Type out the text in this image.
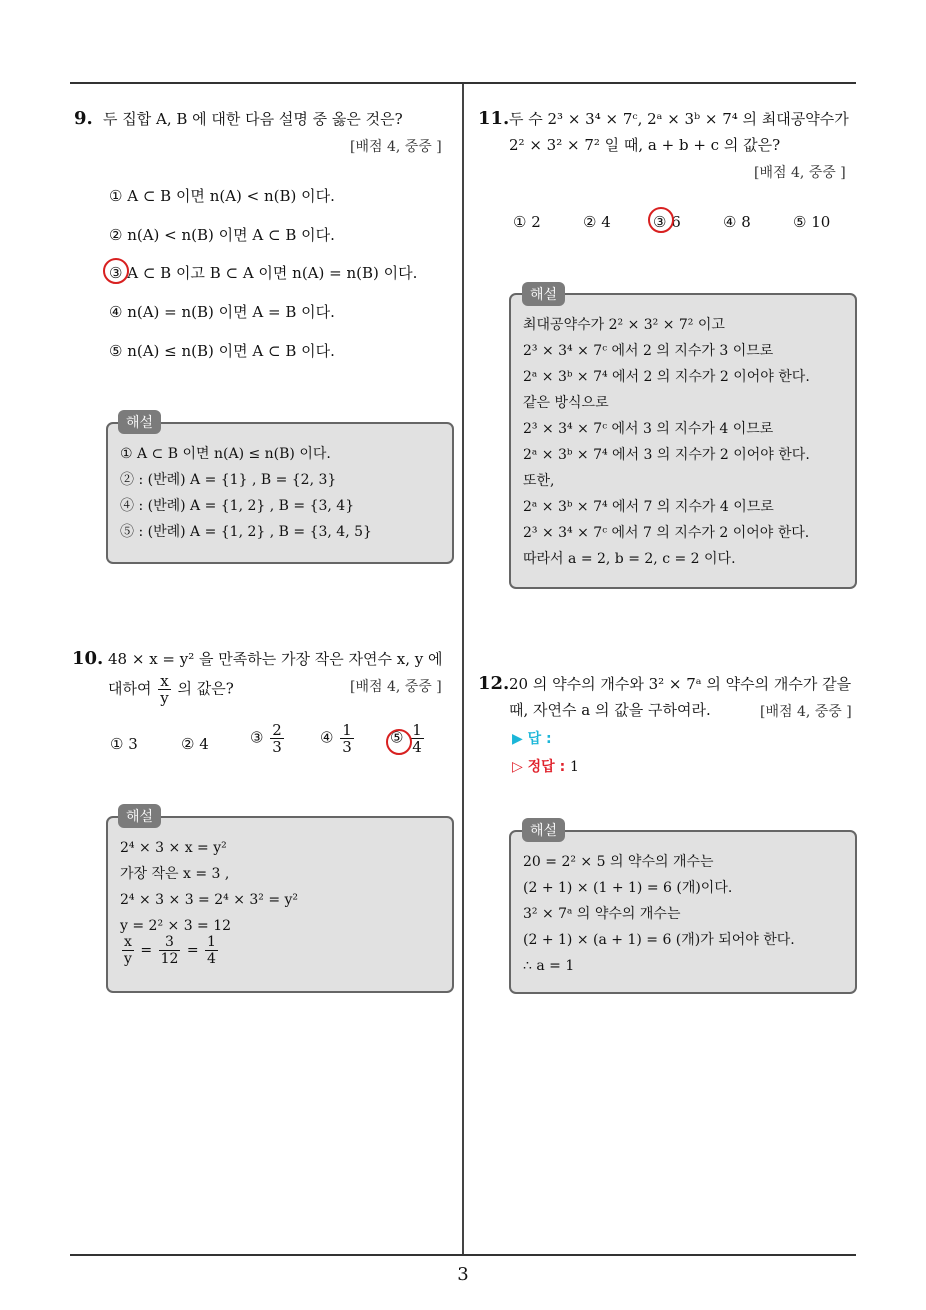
9. 두 집합 A, B 에 대한 다음 설명 중 옳은 것은?
[배점 4, 중중 ]
① A ⊂ B 이면 n(A) < n(B) 이다.
② n(A) < n(B) 이면 A ⊂ B 이다.
③ A ⊂ B 이고 B ⊂ A 이면 n(A) = n(B) 이다.
④ n(A) = n(B) 이면 A = B 이다.
⑤ n(A) ≤ n(B) 이면 A ⊂ B 이다.
① A ⊂ B 이면 n(A) ≤ n(B) 이다.
② : (반례) A = {1} , B = {2, 3}
④ : (반례) A = {1, 2} , B = {3, 4}
⑤ : (반례) A = {1, 2} , B = {3, 4, 5}
해설
10. 48 × x = y² 을 만족하는 가장 작은 자연수 x, y 에
대하여 $\frac{x}{y}$ 의 값은?	[배점 4, 중중 ]
① 3	② 4	③ $\frac{2}{3}$ ④ $\frac{1}{3}$ ⑤ $\frac{1}{4}$
2⁴ × 3 × x = y²
가장 작은 x = 3 ,
2⁴ × 3 × 3 = 2⁴ × 3² = y²
y = 2² × 3 = 12
$\frac{x}{y} = \frac{3}{12} = \frac{1}{4}$
해설
11. 두 수 2³ × 3⁴ × 7ᶜ, 2ᵃ × 3ᵇ × 7⁴ 의 최대공약수가
2² × 3² × 7² 일 때, a + b + c 의 값은?
[배점 4, 중중 ]
① 2	② 4	③ 6	④ 8	⑤ 10
최대공약수가 2² × 3² × 7² 이고
2³ × 3⁴ × 7ᶜ 에서 2 의 지수가 3 이므로
2ᵃ × 3ᵇ × 7⁴ 에서 2 의 지수가 2 이어야 한다.
같은 방식으로
2³ × 3⁴ × 7ᶜ 에서 3 의 지수가 4 이므로
2ᵃ × 3ᵇ × 7⁴ 에서 3 의 지수가 2 이어야 한다.
또한,
2ᵃ × 3ᵇ × 7⁴ 에서 7 의 지수가 4 이므로
2³ × 3⁴ × 7ᶜ 에서 7 의 지수가 2 이어야 한다.
따라서 a = 2, b = 2, c = 2 이다.
해설
12. 20 의 약수의 개수와 3² × 7ᵃ 의 약수의 개수가 같을
때, 자연수 a 의 값을 구하여라.	[배점 4, 중중 ]
▶ 답 :
▷ 정답 : 1
20 = 2² × 5 의 약수의 개수는
(2 + 1) × (1 + 1) = 6 (개)이다.
3² × 7ᵃ 의 약수의 개수는
(2 + 1) × (a + 1) = 6 (개)가 되어야 한다.
∴ a = 1
해설
3
